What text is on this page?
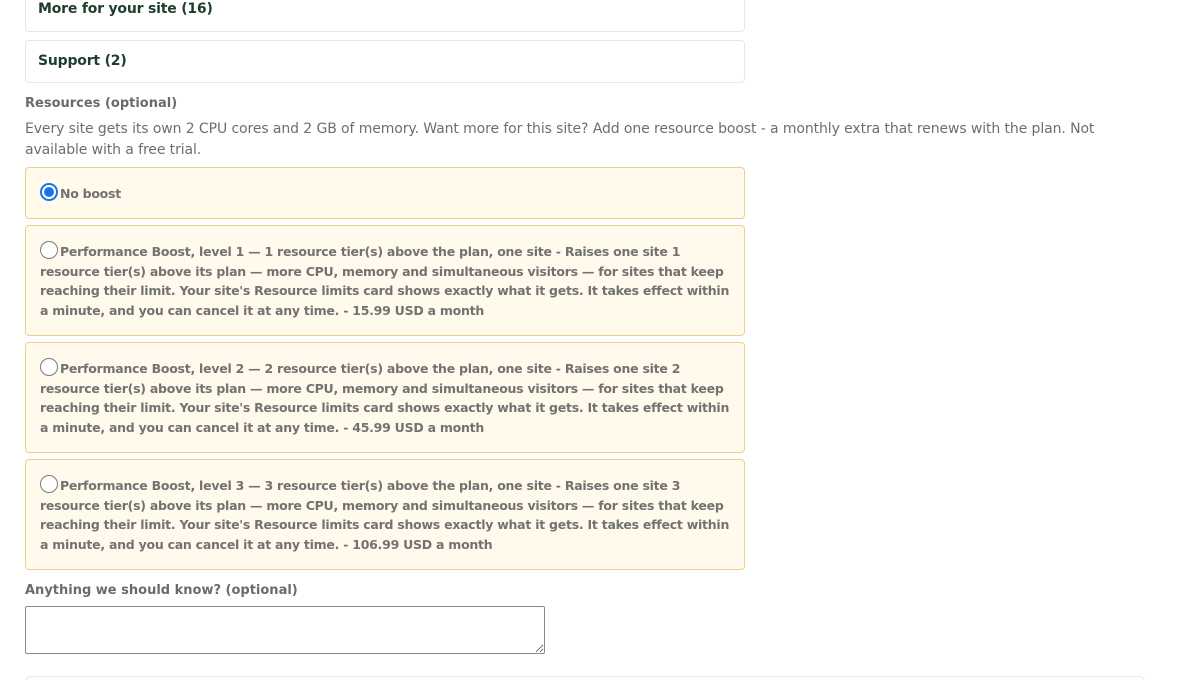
More for your site (16)
Support (2)
Resources (optional)
Every site gets its own 2 CPU cores and 2 GB of memory. Want more for this site? Add one resource boost - a monthly extra that renews with the plan. Not available with a free trial.
No boost
Performance Boost, level 1 — 1 resource tier(s) above the plan, one site - Raises one site 1 resource tier(s) above its plan — more CPU, memory and simultaneous visitors — for sites that keep reaching their limit. Your site's Resource limits card shows exactly what it gets. It takes effect within a minute, and you can cancel it at any time. - 15.99 USD a month
Performance Boost, level 2 — 2 resource tier(s) above the plan, one site - Raises one site 2 resource tier(s) above its plan — more CPU, memory and simultaneous visitors — for sites that keep reaching their limit. Your site's Resource limits card shows exactly what it gets. It takes effect within a minute, and you can cancel it at any time. - 45.99 USD a month
Performance Boost, level 3 — 3 resource tier(s) above the plan, one site - Raises one site 3 resource tier(s) above its plan — more CPU, memory and simultaneous visitors — for sites that keep reaching their limit. Your site's Resource limits card shows exactly what it gets. It takes effect within a minute, and you can cancel it at any time. - 106.99 USD a month
Anything we should know? (optional)
